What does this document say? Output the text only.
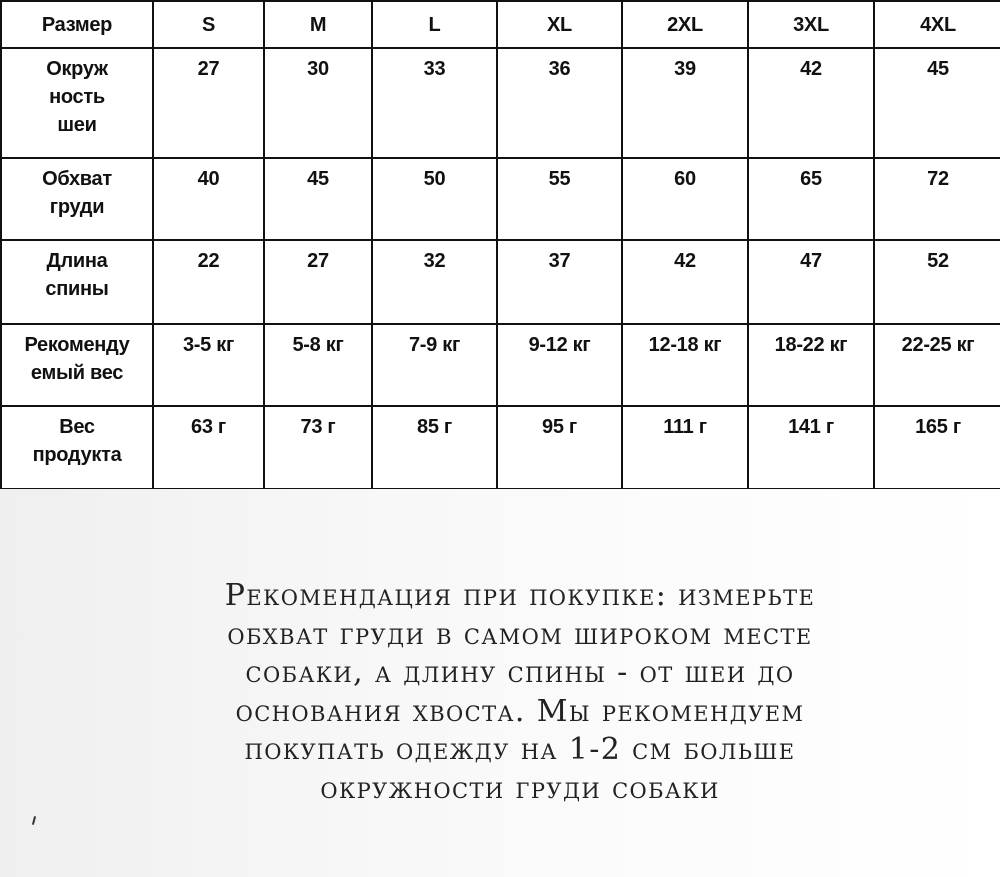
Размер	S	M	L	XL	2XL	3XL	4XL
Окруж
ность
шеи	27	30	33	36	39	42	45
Обхват
груди	40	45	50	55	60	65	72
Длина
спины	22	27	32	37	42	47	52
Рекоменду
емый вес	3-5 кг	5-8 кг	7-9 кг	9-12 кг	12-18 кг	18-22 кг	22-25 кг
Вес
продукта	63 г	73 г	85 г	95 г	111 г	141 г	165 г

Рекомендация при покупке: измерьте
обхват груди в самом широком месте
собаки, а длину спины - от шеи до
основания хвоста. Мы рекомендуем
покупать одежду на 1-2 см больше
окружности груди собаки
